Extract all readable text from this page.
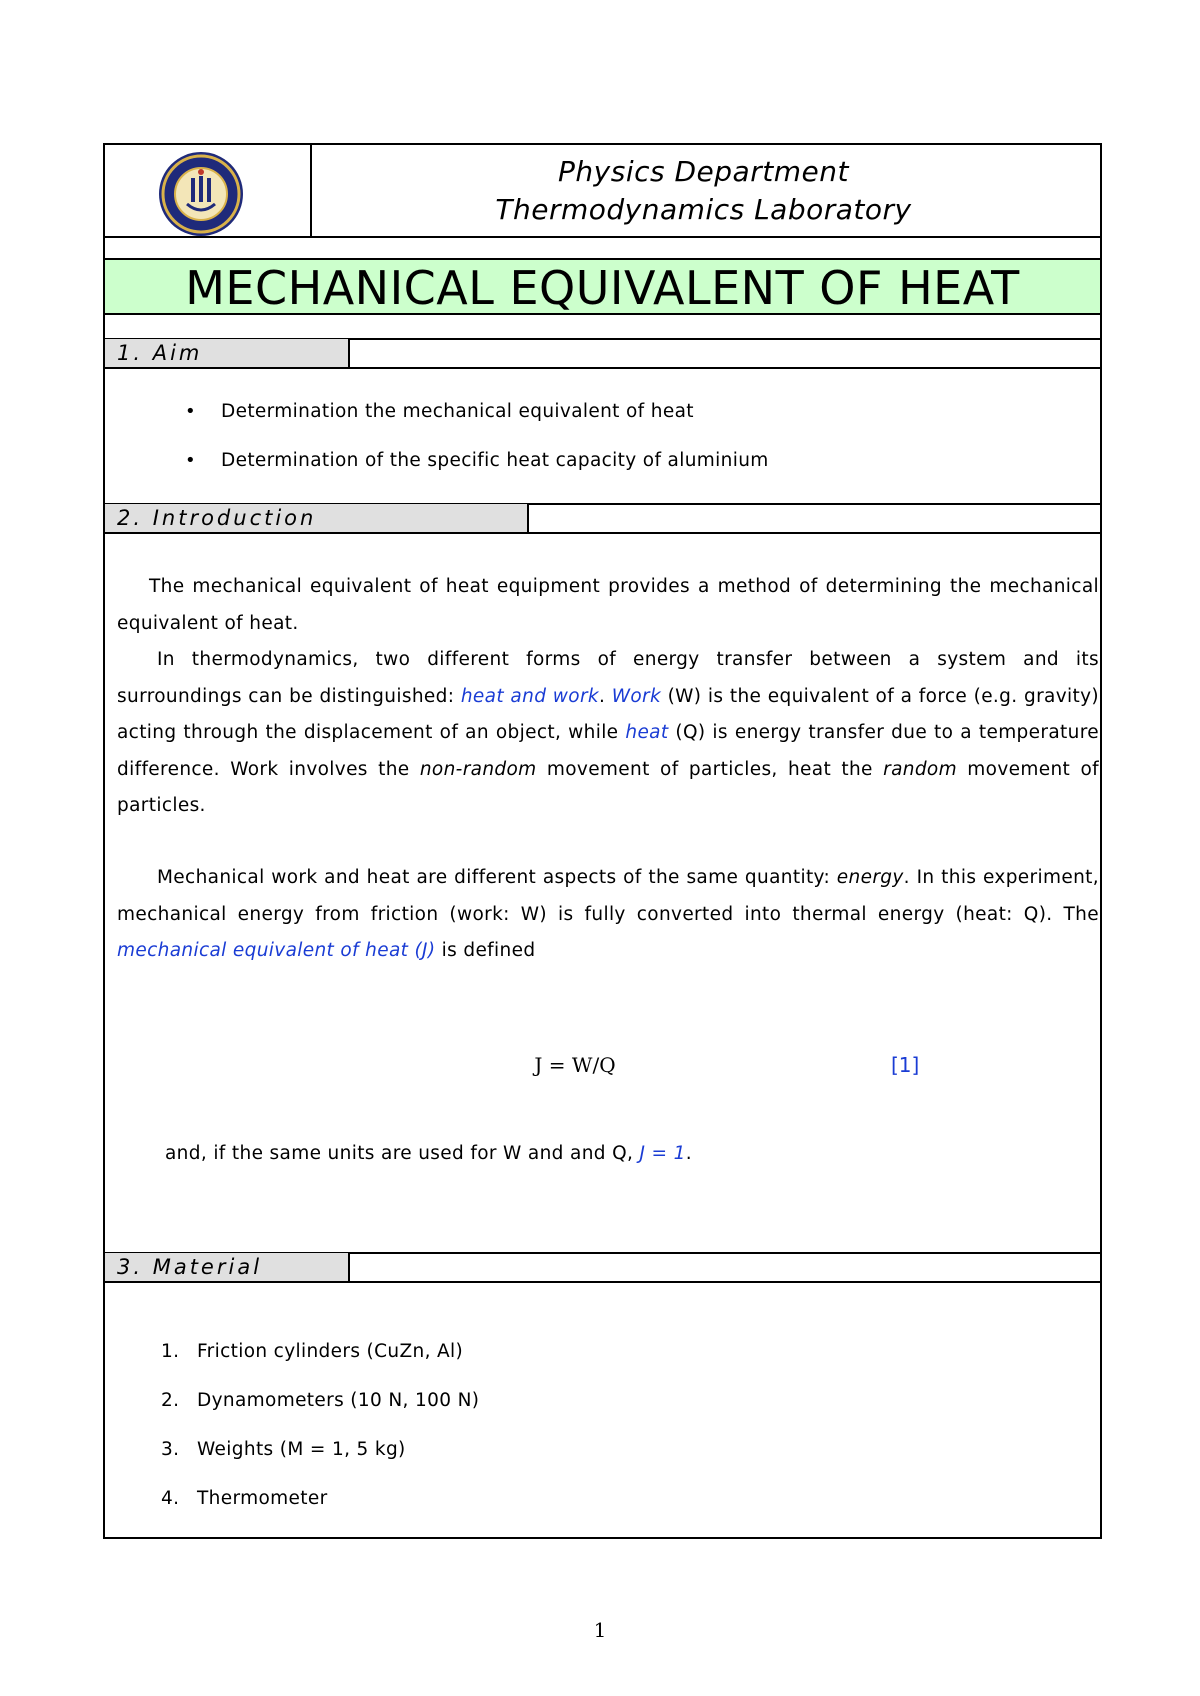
Physics Department
Thermodynamics Laboratory
MECHANICAL EQUIVALENT OF HEAT
1. Aim
• Determination the mechanical equivalent of heat
• Determination of the specific heat capacity of aluminium
2. Introduction
The mechanical equivalent of heat equipment provides a method of determining the mechanical equivalent of heat.
In thermodynamics, two different forms of energy transfer between a system and its surroundings can be distinguished: heat and work. Work (W) is the equivalent of a force (e.g. gravity) acting through the displacement of an object, while heat (Q) is energy transfer due to a temperature difference. Work involves the non-random movement of particles, heat the random movement of particles.
Mechanical work and heat are different aspects of the same quantity: energy. In this experiment, mechanical energy from friction (work: W) is fully converted into thermal energy (heat: Q). The mechanical equivalent of heat (J) is defined
J = W/Q	[1]
and, if the same units are used for W and and Q, J = 1.
3. Material
1. Friction cylinders (CuZn, Al)
2. Dynamometers (10 N, 100 N)
3. Weights (M = 1, 5 kg)
4. Thermometer
1
